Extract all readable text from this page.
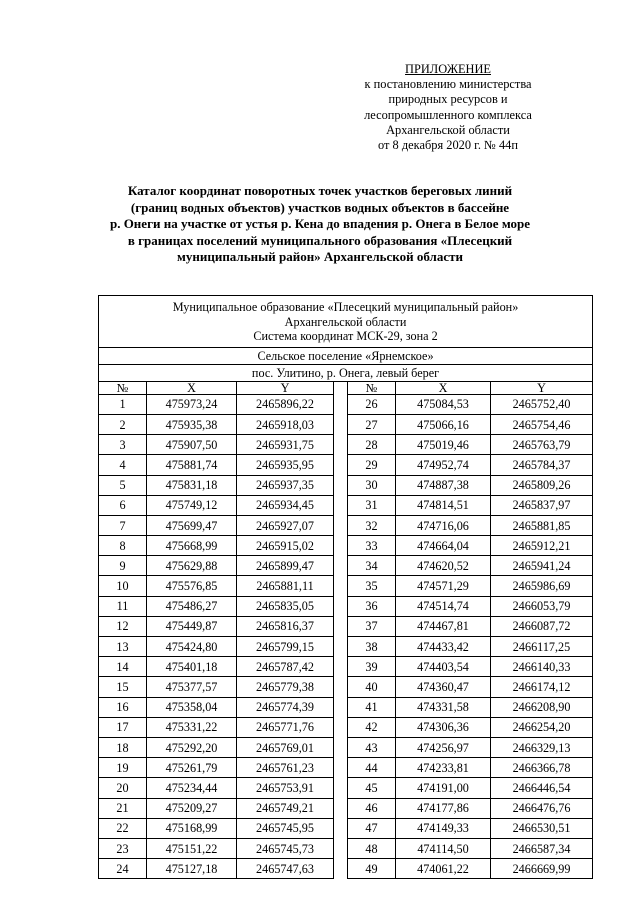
ПРИЛОЖЕНИЕ
к постановлению министерства
природных ресурсов и
лесопромышленного комплекса
Архангельской области
от 8 декабря 2020 г. № 44п
Каталог координат поворотных точек участков береговых линий
(границ водных объектов) участков водных объектов в бассейне
р. Онеги на участке от устья р. Кена до впадения р. Онега в Белое море
в границах поселений муниципального образования «Плесецкий
муниципальный район» Архангельской области
Муниципальное образование «Плесецкий муниципальный район»
Архангельской области
Система координат МСК-29, зона 2						

Сельское поселение «Ярнемское»						
пос. Улитино, р. Онега, левый берег						
№	X	Y		№	X	Y
1	475973,24	2465896,22		26	475084,53	2465752,40
2	475935,38	2465918,03		27	475066,16	2465754,46
3	475907,50	2465931,75		28	475019,46	2465763,79
4	475881,74	2465935,95		29	474952,74	2465784,37
5	475831,18	2465937,35		30	474887,38	2465809,26
6	475749,12	2465934,45		31	474814,51	2465837,97
7	475699,47	2465927,07		32	474716,06	2465881,85
8	475668,99	2465915,02		33	474664,04	2465912,21
9	475629,88	2465899,47		34	474620,52	2465941,24
10	475576,85	2465881,11		35	474571,29	2465986,69
11	475486,27	2465835,05		36	474514,74	2466053,79
12	475449,87	2465816,37		37	474467,81	2466087,72
13	475424,80	2465799,15		38	474433,42	2466117,25
14	475401,18	2465787,42		39	474403,54	2466140,33
15	475377,57	2465779,38		40	474360,47	2466174,12
16	475358,04	2465774,39		41	474331,58	2466208,90
17	475331,22	2465771,76		42	474306,36	2466254,20
18	475292,20	2465769,01		43	474256,97	2466329,13
19	475261,79	2465761,23		44	474233,81	2466366,78
20	475234,44	2465753,91		45	474191,00	2466446,54
21	475209,27	2465749,21		46	474177,86	2466476,76
22	475168,99	2465745,95		47	474149,33	2466530,51
23	475151,22	2465745,73		48	474114,50	2466587,34
24	475127,18	2465747,63		49	474061,22	2466669,99
